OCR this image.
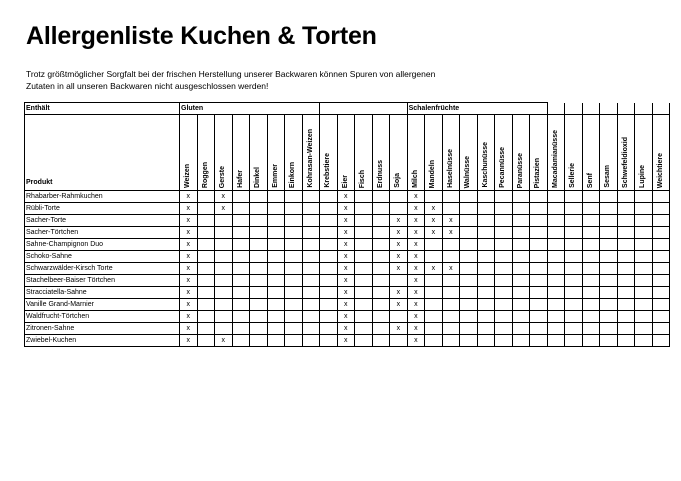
Allergenliste Kuchen & Torten
Trotz größtmöglicher Sorgfalt bei der frischen Herstellung unserer Backwaren können Spuren von allergenen
Zutaten in all unseren Backwaren nicht ausgeschlossen werden!
Enthält	Gluten													Schalenfrüchte														
Produkt	Weizen	Roggen	Gerste	Hafer	Dinkel	Emmer	Einkorn	Kohrasan-Weizen	Krebstiere	Eier	Fisch	Erdnuss	Soja	Milch	Mandeln	Haselnüsse	Walnüsse	Kaschunüsse	Pecannüsse	Paranüsse	Pistazien	Macadamianüsse	Sellerie	Senf	Sesam	Schwefeldioxid	Lupine	Weichtiere

Rhabarber-Rahmkuchen	x		x							x				x														
Rübli-Torte	x		x							x				x	x													
Sacher-Torte	x									x			x	x	x	x												
Sacher-Törtchen	x									x			x	x	x	x												
Sahne-Champignon Duo	x									x			x	x														
Schoko-Sahne	x									x			x	x														
Schwarzwälder-Kirsch Torte	x									x			x	x	x	x												
Stachelbeer-Baiser Törtchen	x									x				x														
Stracciatella-Sahne	x									x			x	x														
Vanille Grand-Marnier	x									x			x	x														
Waldfrucht-Törtchen	x									x				x														
Zitronen-Sahne	x									x			x	x														
Zwiebel-Kuchen	x		x							x				x														
